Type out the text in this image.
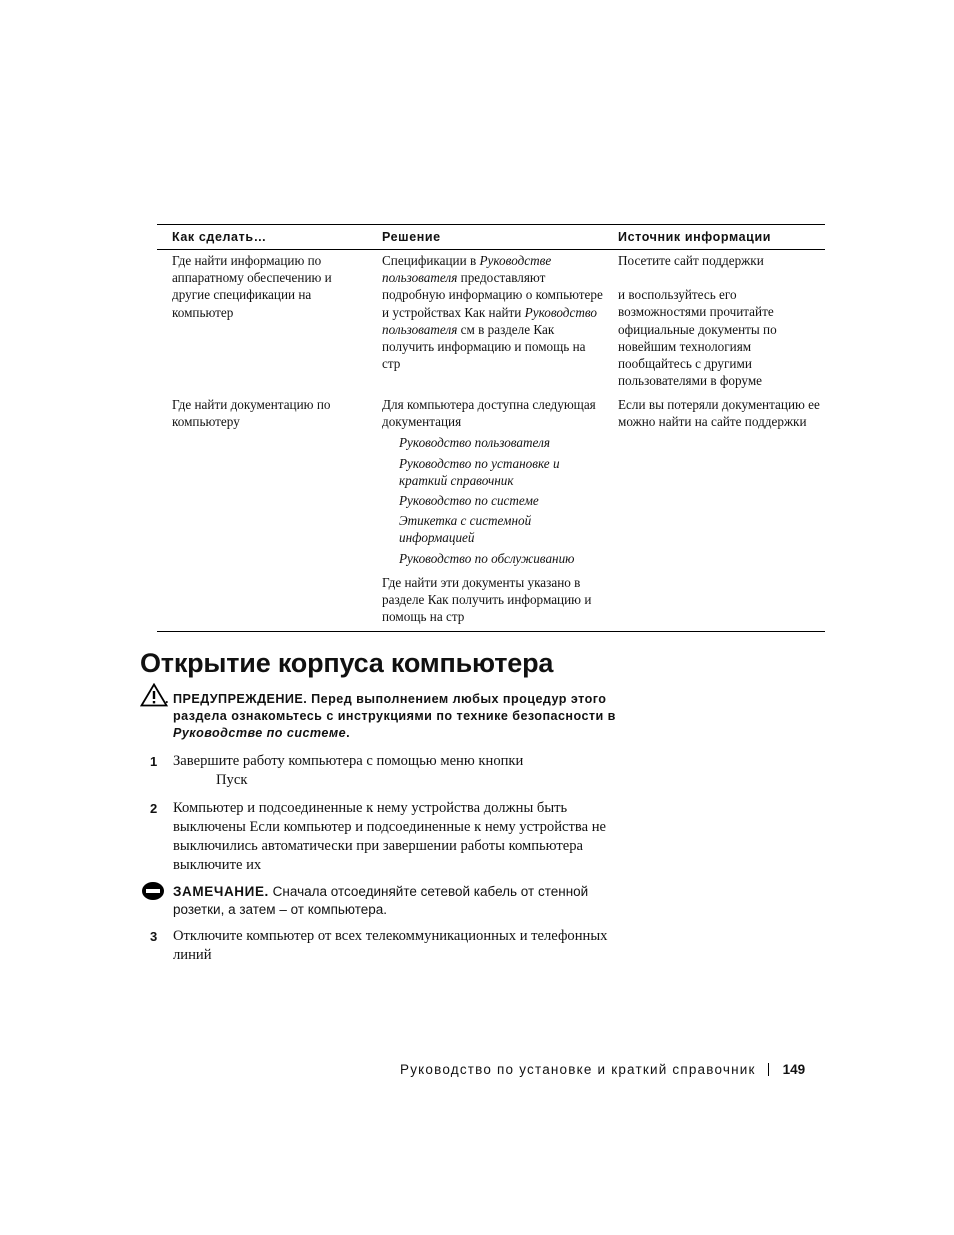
Как сделать…	Решение	Источник информации
Где найти информацию по аппаратному обеспечению и другие спецификации на компьютер
Спецификации в Руководстве пользователя предоставляют подробную информацию о компьютере и устройствах Как найти Руководство пользователя см в разделе Как получить информацию и помощь на стр

Посетите сайт поддержки

и воспользуйтесь его возможностями прочитайте официальные документы по новейшим технологиям пообщайтесь с другими пользователями в форуме

Где найти документацию по компьютеру

Для компьютера доступна следующая документация

Руководство пользователя
Руководство по установке и краткий справочник
Руководство по системе
Этикетка с системной информацией
Руководство по обслуживанию

Где найти эти документы указано в разделе Как получить информацию и помощь на стр

Если вы потеряли документацию ее можно найти на сайте поддержки
Открытие корпуса компьютера
. ПРЕДУПРЕЖДЕНИЕ. Перед выполнением любых процедур этого раздела ознакомьтесь с инструкциями по технике безопасности в Руководстве по системе.
1 Завершите работу компьютера с помощью меню кнопки
Пуск
2 Компьютер и подсоединенные к нему устройства должны быть выключены Если компьютер и подсоединенные к нему устройства не выключились автоматически при завершении работы компьютера выключите их
ЗАМЕЧАНИЕ. Сначала отсоединяйте сетевой кабель от стенной розетки, а затем – от компьютера.
3 Отключите компьютер от всех телекоммуникационных и телефонных линий
Руководство по установке и краткий справочник 149
